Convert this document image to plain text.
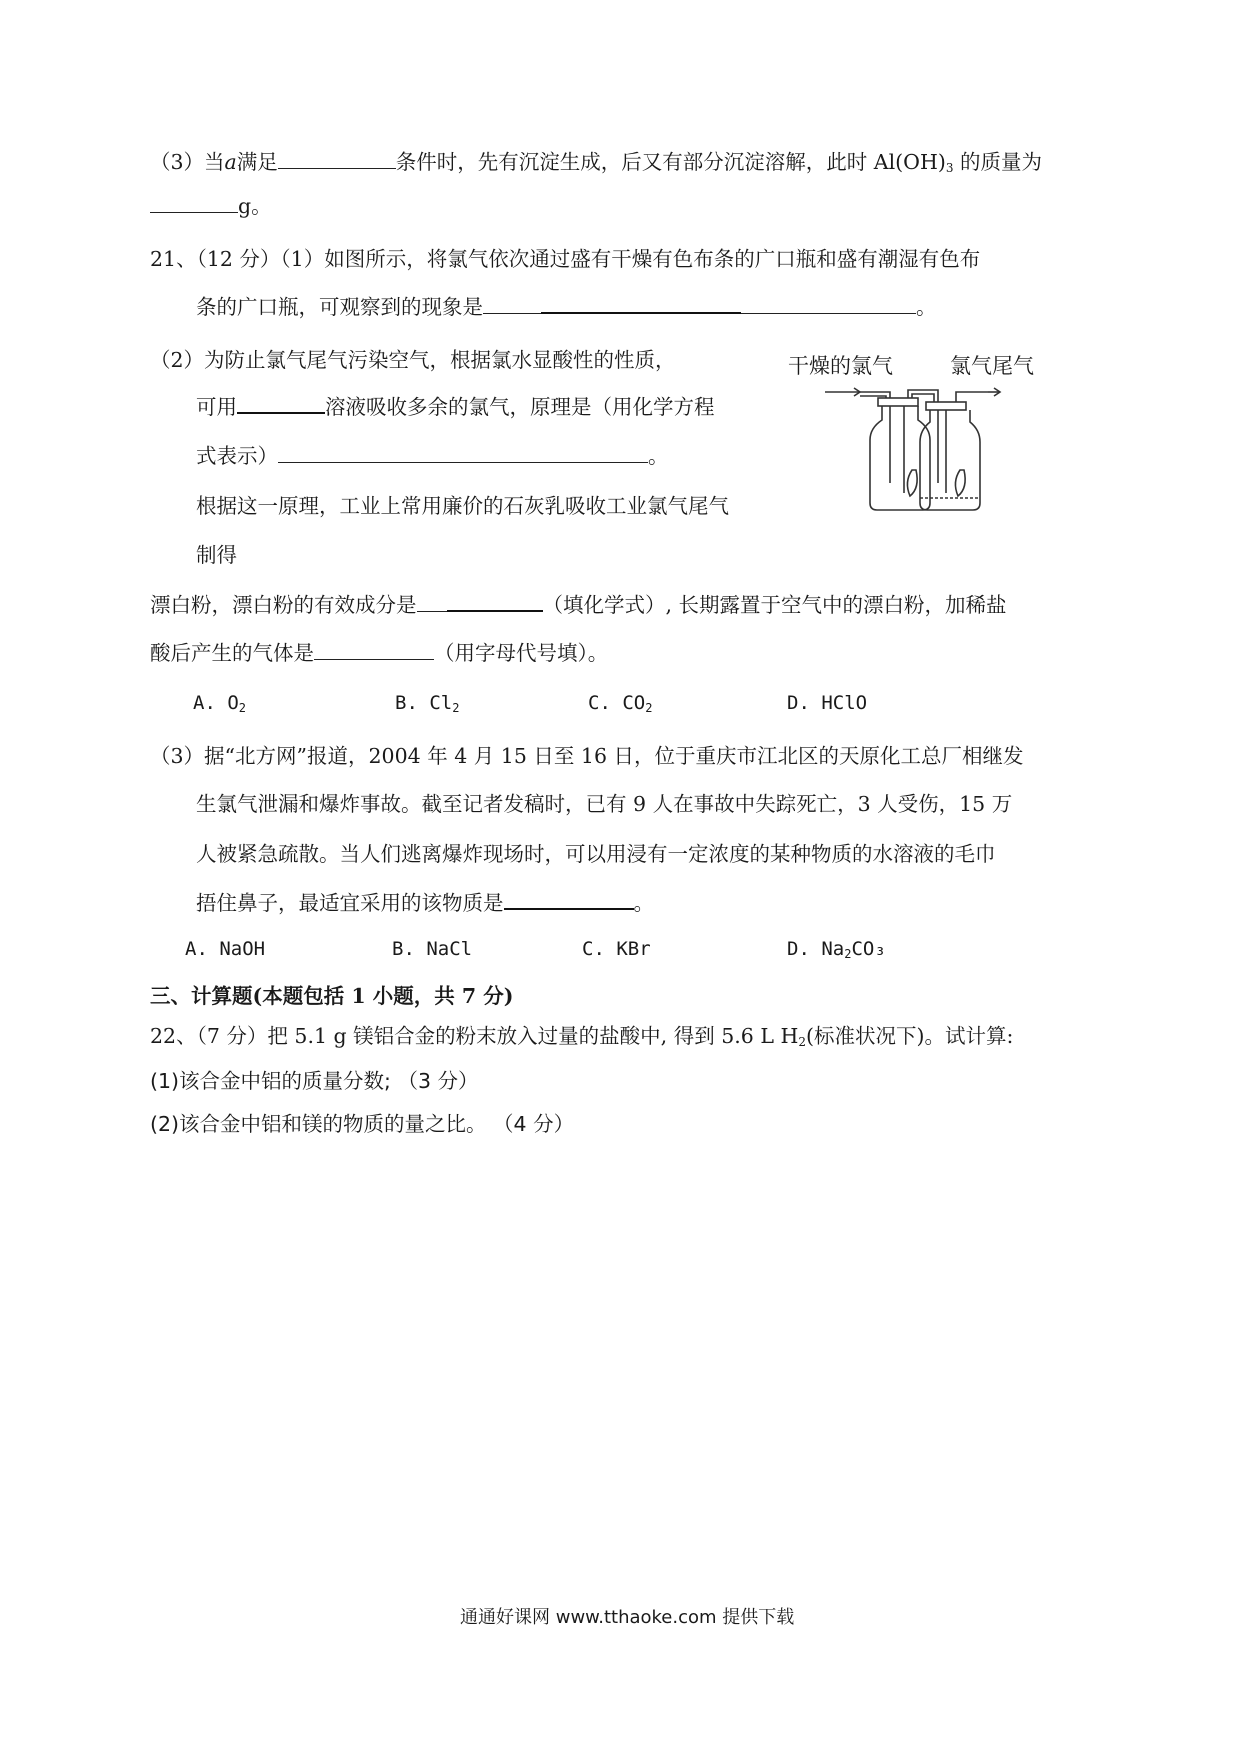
（3）当a满足	条件时，先有沉淀生成，后又有部分沉淀溶解，此时 $Al(OH)_3$ 的质量为
g。
21、（12 分）（1）如图所示，将氯气依次通过盛有干燥有色布条的广口瓶和盛有潮湿有色布
条的广口瓶，可观察到的现象是	。
（2）为防止氯气尾气污染空气，根据氯水显酸性的性质，
可用	溶液吸收多余的氯气，原理是（用化学方程
式表示）	。
根据这一原理，工业上常用廉价的石灰乳吸收工业氯气尾气
制得
漂白粉，漂白粉的有效成分是	（填化学式）, 长期露置于空气中的漂白粉，加稀盐
酸后产生的气体是	（用字母代号填）。
A. $O_2$	B. $Cl_2$	C. $CO_2$	D. HClO
（3）据“北方网”报道，2004 年 4 月 15 日至 16 日，位于重庆市江北区的天原化工总厂相继发
生氯气泄漏和爆炸事故。截至记者发稿时，已有 9 人在事故中失踪死亡，3 人受伤，15 万
人被紧急疏散。当人们逃离爆炸现场时，可以用浸有一定浓度的某种物质的水溶液的毛巾
捂住鼻子，最适宜采用的该物质是	。
A. NaOH	B. NaCl	C. KBr	D. $Na_2CO_3$
干燥的氯气	氯气尾气
三、计算题(本题包括 1 小题，共 7 分)
22、（7 分）把 5.1 g 镁铝合金的粉末放入过量的盐酸中, 得到 5.6 L $H_2$(标准状况下)。试计算:
(1)该合金中铝的质量分数; （3 分）
(2)该合金中铝和镁的物质的量之比。 （4 分）
通通好课网 www.tthaoke.com 提供下载
